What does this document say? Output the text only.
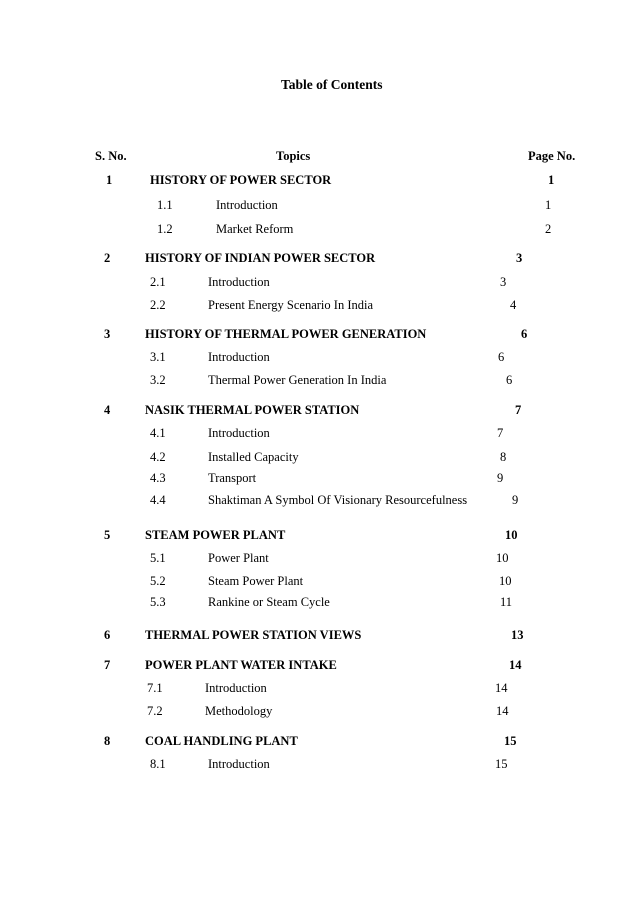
Table of Contents
S. No.	Topics	Page No.
1	HISTORY OF POWER SECTOR	1
1.1	Introduction	1
1.2	Market Reform	2
2	HISTORY OF INDIAN POWER SECTOR	3
2.1	Introduction	3
2.2	Present Energy Scenario In India	4
3	HISTORY OF THERMAL POWER GENERATION	6
3.1	Introduction	6
3.2	Thermal Power Generation In India	6
4	NASIK THERMAL POWER STATION	7
4.1	Introduction	7
4.2	Installed Capacity	8
4.3	Transport	9
4.4	Shaktiman A Symbol Of Visionary Resourcefulness	9
5	STEAM POWER PLANT	10
5.1	Power Plant	10
5.2	Steam Power Plant	10
5.3	Rankine or Steam Cycle	11
6	THERMAL POWER STATION VIEWS	13
7	POWER PLANT WATER INTAKE	14
7.1	Introduction	14
7.2	Methodology	14
8	COAL HANDLING PLANT	15
8.1	Introduction	15
